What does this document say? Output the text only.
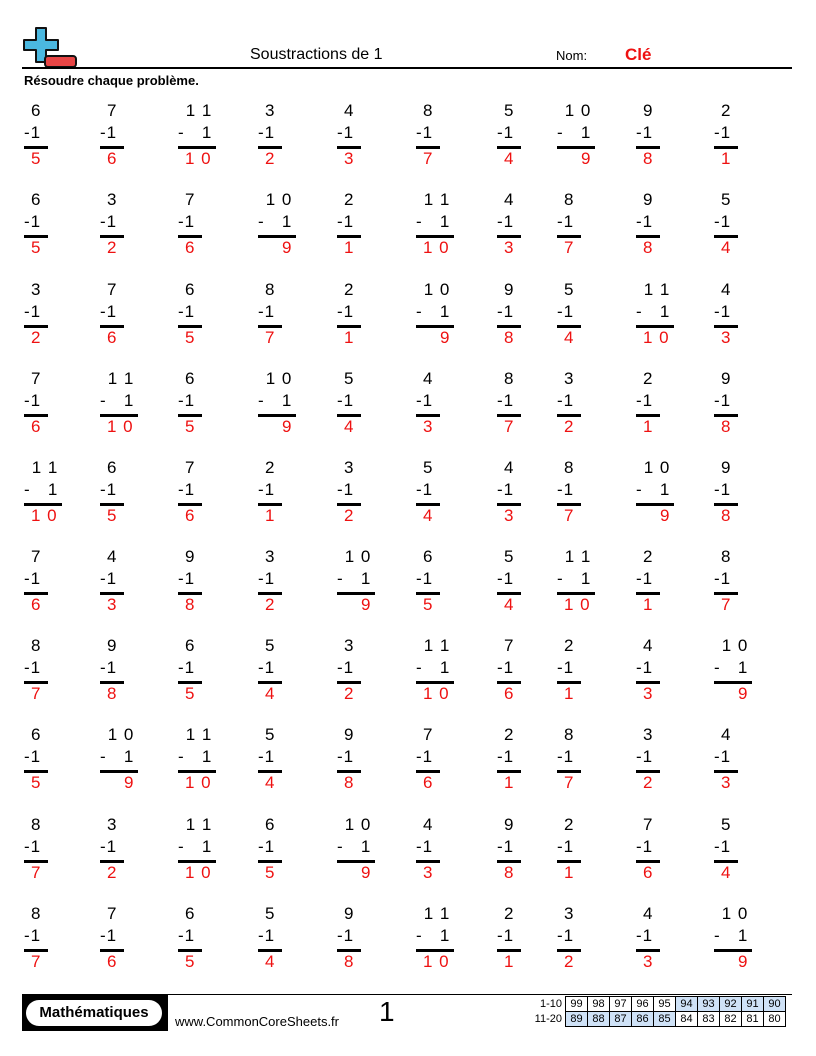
Soustractions de 1	Nom: Clé
Résoudre chaque problème.
6
-1
5
7
-1
6
1 1
-   1
1 0
3
-1
2
4
-1
3
8
-1
7
5
-1
4
1 0
-   1
9
9
-1
8
2
-1
1
6
-1
5
3
-1
2
7
-1
6
1 0
-   1
9
2
-1
1
1 1
-   1
1 0
4
-1
3
8
-1
7
9
-1
8
5
-1
4
3
-1
2
7
-1
6
6
-1
5
8
-1
7
2
-1
1
1 0
-   1
9
9
-1
8
5
-1
4
1 1
-   1
1 0
4
-1
3
7
-1
6
1 1
-   1
1 0
6
-1
5
1 0
-   1
9
5
-1
4
4
-1
3
8
-1
7
3
-1
2
2
-1
1
9
-1
8
1 1
-   1
1 0
6
-1
5
7
-1
6
2
-1
1
3
-1
2
5
-1
4
4
-1
3
8
-1
7
1 0
-   1
9
9
-1
8
7
-1
6
4
-1
3
9
-1
8
3
-1
2
1 0
-   1
9
6
-1
5
5
-1
4
1 1
-   1
1 0
2
-1
1
8
-1
7
8
-1
7
9
-1
8
6
-1
5
5
-1
4
3
-1
2
1 1
-   1
1 0
7
-1
6
2
-1
1
4
-1
3
1 0
-   1
9
6
-1
5
1 0
-   1
9
1 1
-   1
1 0
5
-1
4
9
-1
8
7
-1
6
2
-1
1
8
-1
7
3
-1
2
4
-1
3
8
-1
7
3
-1
2
1 1
-   1
1 0
6
-1
5
1 0
-   1
9
4
-1
3
9
-1
8
2
-1
1
7
-1
6
5
-1
4
8
-1
7
7
-1
6
6
-1
5
5
-1
4
9
-1
8
1 1
-   1
1 0
2
-1
1
3
-1
2
4
-1
3
1 0
-   1
9
Mathématiques
www.CommonCoreSheets.fr 1	1-10	99	98	97	96	95	94	93	92	91	90
11-20	89	88	87	86	85	84	83	82	81	80
